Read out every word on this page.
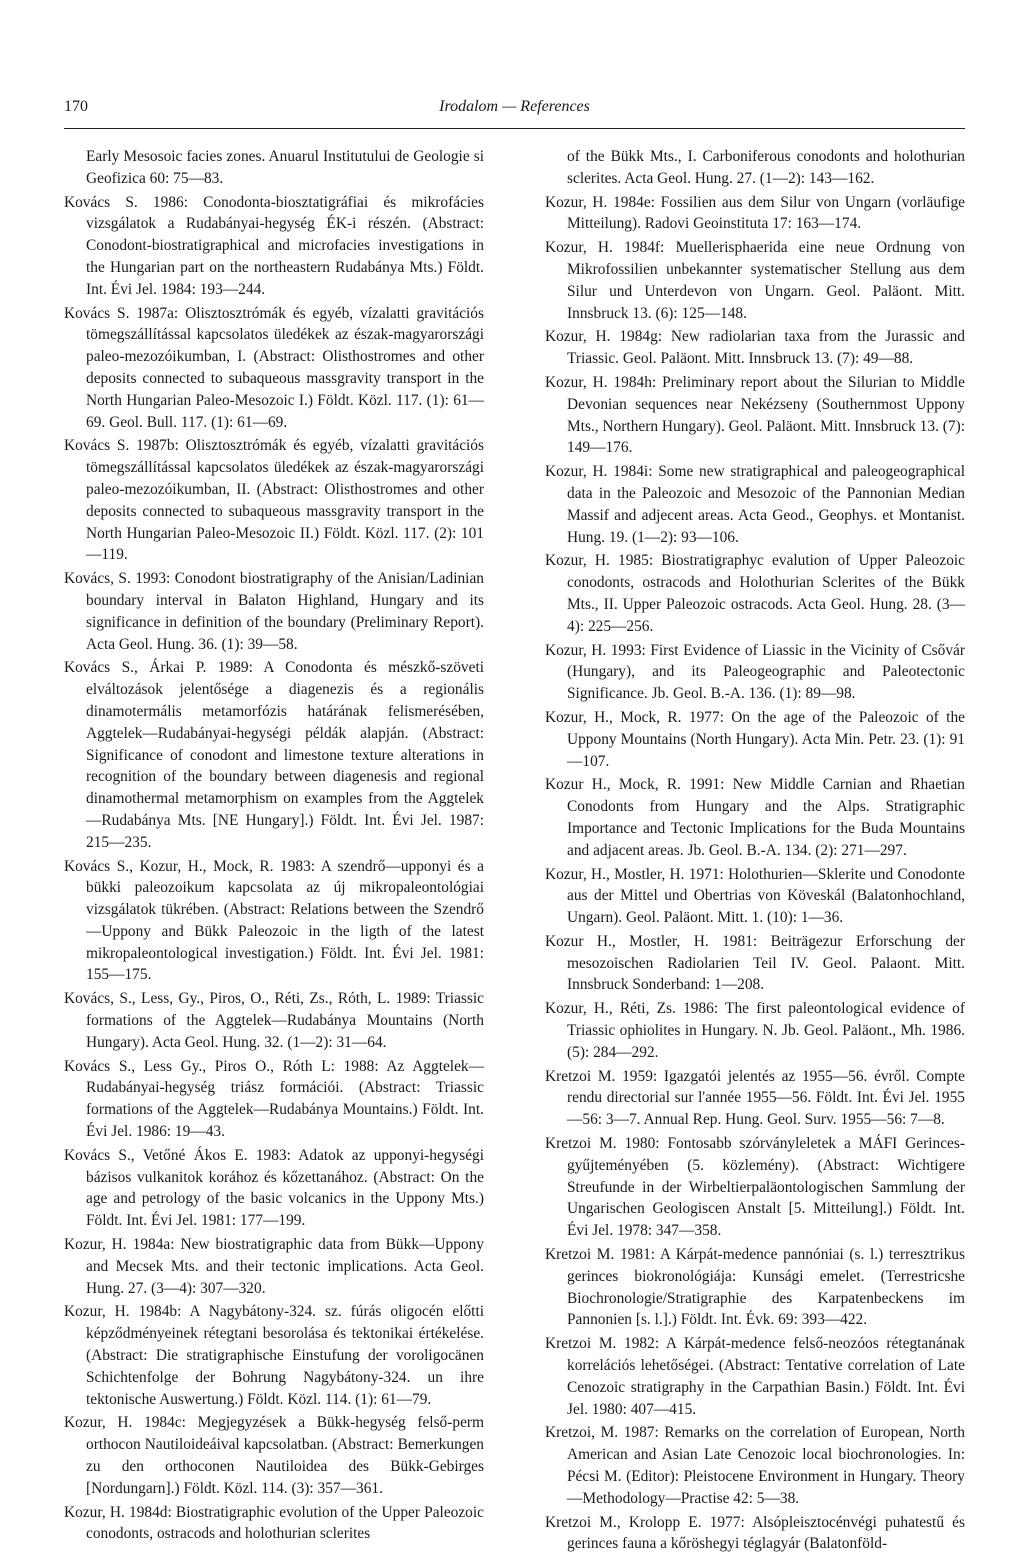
170	Irodalom — References

Early Mesosoic facies zones. Anuarul Institutului de Geologie si Geofizica 60: 75—83.

Kovács S. 1986: Conodonta-biosztatigráfiai és mikrofácies vizsgálatok a Rudabányai-hegység ÉK-i részén. (Abstract: Conodont-biostratigraphical and microfacies investigations in the Hungarian part on the northeastern Rudabánya Mts.) Földt. Int. Évi Jel. 1984: 193—244.

Kovács S. 1987a: Olisztosztrómák és egyéb, vízalatti gravitációs tömegszállítással kapcsolatos üledékek az észak-magyarországi paleo-mezozóikumban, I. (Abstract: Olisthostromes and other deposits connected to subaqueous massgravity transport in the North Hungarian Paleo-Mesozoic I.) Földt. Közl. 117. (1): 61—69. Geol. Bull. 117. (1): 61—69.

Kovács S. 1987b: Olisztosztrómák és egyéb, vízalatti gravitációs tömegszállítással kapcsolatos üledékek az észak-magyarországi paleo-mezozóikumban, II. (Abstract: Olisthostromes and other deposits connected to subaqueous massgravity transport in the North Hungarian Paleo-Mesozoic II.) Földt. Közl. 117. (2): 101—119.

Kovács, S. 1993: Conodont biostratigraphy of the Anisian/Ladinian boundary interval in Balaton Highland, Hungary and its significance in definition of the boundary (Preliminary Report). Acta Geol. Hung. 36. (1): 39—58.

Kovács S., Árkai P. 1989: A Conodonta és mészkő-szöveti elváltozások jelentősége a diagenezis és a regionális dinamotermális metamorfózis határának felismerésében, Aggtelek—Rudabányai-hegységi példák alapján. (Abstract: Significance of conodont and limestone texture alterations in recognition of the boundary between diagenesis and regional dinamothermal metamorphism on examples from the Aggtelek—Rudabánya Mts. [NE Hungary].) Földt. Int. Évi Jel. 1987: 215—235.

Kovács S., Kozur, H., Mock, R. 1983: A szendrő—upponyi és a bükki paleozoikum kapcsolata az új mikropaleontológiai vizsgálatok tükrében. (Abstract: Relations between the Szendrő—Uppony and Bükk Paleozoic in the ligth of the latest mikropaleontological investigation.) Földt. Int. Évi Jel. 1981: 155—175.

Kovács, S., Less, Gy., Piros, O., Réti, Zs., Róth, L. 1989: Triassic formations of the Aggtelek—Rudabánya Mountains (North Hungary). Acta Geol. Hung. 32. (1—2): 31—64.

Kovács S., Less Gy., Piros O., Róth L: 1988: Az Aggtelek—Rudabányai-hegység triász formációi. (Abstract: Triassic formations of the Aggtelek—Rudabánya Mountains.) Földt. Int. Évi Jel. 1986: 19—43.

Kovács S., Vetőné Ákos E. 1983: Adatok az upponyi-hegységi bázisos vulkanitok korához és kőzettanához. (Abstract: On the age and petrology of the basic volcanics in the Uppony Mts.) Földt. Int. Évi Jel. 1981: 177—199.

Kozur, H. 1984a: New biostratigraphic data from Bükk—Uppony and Mecsek Mts. and their tectonic implications. Acta Geol. Hung. 27. (3—4): 307—320.

Kozur, H. 1984b: A Nagybátony-324. sz. fúrás oligocén előtti képződményeinek rétegtani besorolása és tektonikai értékelése. (Abstract: Die stratigraphische Einstufung der voroligocänen Schichtenfolge der Bohrung Nagybátony-324. un ihre tektonische Auswertung.) Földt. Közl. 114. (1): 61—79.

Kozur, H. 1984c: Megjegyzések a Bükk-hegység felső-perm orthocon Nautiloideáival kapcsolatban. (Abstract: Bemerkungen zu den orthoconen Nautiloidea des Bükk-Gebirges [Nordungarn].) Földt. Közl. 114. (3): 357—361.

Kozur, H. 1984d: Biostratigraphic evolution of the Upper Paleozoic conodonts, ostracods and holothurian sclerites

of the Bükk Mts., I. Carboniferous conodonts and holothurian sclerites. Acta Geol. Hung. 27. (1—2): 143—162.

Kozur, H. 1984e: Fossilien aus dem Silur von Ungarn (vorläufige Mitteilung). Radovi Geoinstituta 17: 163—174.

Kozur, H. 1984f: Muellerisphaerida eine neue Ordnung von Mikrofossilien unbekannter systematischer Stellung aus dem Silur und Unterdevon von Ungarn. Geol. Paläont. Mitt. Innsbruck 13. (6): 125—148.

Kozur, H. 1984g: New radiolarian taxa from the Jurassic and Triassic. Geol. Paläont. Mitt. Innsbruck 13. (7): 49—88.

Kozur, H. 1984h: Preliminary report about the Silurian to Middle Devonian sequences near Nekézseny (Southernmost Uppony Mts., Northern Hungary). Geol. Paläont. Mitt. Innsbruck 13. (7): 149—176.

Kozur, H. 1984i: Some new stratigraphical and paleogeographical data in the Paleozoic and Mesozoic of the Pannonian Median Massif and adjecent areas. Acta Geod., Geophys. et Montanist. Hung. 19. (1—2): 93—106.

Kozur, H. 1985: Biostratigraphyc evalution of Upper Paleozoic conodonts, ostracods and Holothurian Sclerites of the Bükk Mts., II. Upper Paleozoic ostracods. Acta Geol. Hung. 28. (3—4): 225—256.

Kozur, H. 1993: First Evidence of Liassic in the Vicinity of Csővár (Hungary), and its Paleogeographic and Paleotectonic Significance. Jb. Geol. B.-A. 136. (1): 89—98.

Kozur, H., Mock, R. 1977: On the age of the Paleozoic of the Uppony Mountains (North Hungary). Acta Min. Petr. 23. (1): 91—107.

Kozur H., Mock, R. 1991: New Middle Carnian and Rhaetian Conodonts from Hungary and the Alps. Stratigraphic Importance and Tectonic Implications for the Buda Mountains and adjacent areas. Jb. Geol. B.-A. 134. (2): 271—297.

Kozur, H., Mostler, H. 1971: Holothurien—Sklerite und Conodonte aus der Mittel und Obertrias von Köveskál (Balatonhochland, Ungarn). Geol. Paläont. Mitt. 1. (10): 1—36.

Kozur H., Mostler, H. 1981: Beiträgezur Erforschung der mesozoischen Radiolarien Teil IV. Geol. Palaont. Mitt. Innsbruck Sonderband: 1—208.

Kozur, H., Réti, Zs. 1986: The first paleontological evidence of Triassic ophiolites in Hungary. N. Jb. Geol. Paläont., Mh. 1986. (5): 284—292.

Kretzoi M. 1959: Igazgatói jelentés az 1955—56. évről. Compte rendu directorial sur l'année 1955—56. Földt. Int. Évi Jel. 1955—56: 3—7. Annual Rep. Hung. Geol. Surv. 1955—56: 7—8.

Kretzoi M. 1980: Fontosabb szórványleletek a MÁFI Gerinces-gyűjteményében (5. közlemény). (Abstract: Wichtigere Streufunde in der Wirbeltierpaläontologischen Sammlung der Ungarischen Geologiscen Anstalt [5. Mitteilung].) Földt. Int. Évi Jel. 1978: 347—358.

Kretzoi M. 1981: A Kárpát-medence pannóniai (s. l.) terresztrikus gerinces biokronológiája: Kunsági emelet. (Terrestricshe Biochronologie/Stratigraphie des Karpatenbeckens im Pannonien [s. l.].) Földt. Int. Évk. 69: 393—422.

Kretzoi M. 1982: A Kárpát-medence felső-neozóos rétegtanának korrelációs lehetőségei. (Abstract: Tentative correlation of Late Cenozoic stratigraphy in the Carpathian Basin.) Földt. Int. Évi Jel. 1980: 407—415.

Kretzoi, M. 1987: Remarks on the correlation of European, North American and Asian Late Cenozoic local biochronologies. In: Pécsi M. (Editor): Pleistocene Environment in Hungary. Theory—Methodology—Practise 42: 5—38.

Kretzoi M., Krolopp E. 1977: Alsópleisztocénvégi puhatestű és gerinces fauna a kőröshegyi téglagyár (Balatonföld-
